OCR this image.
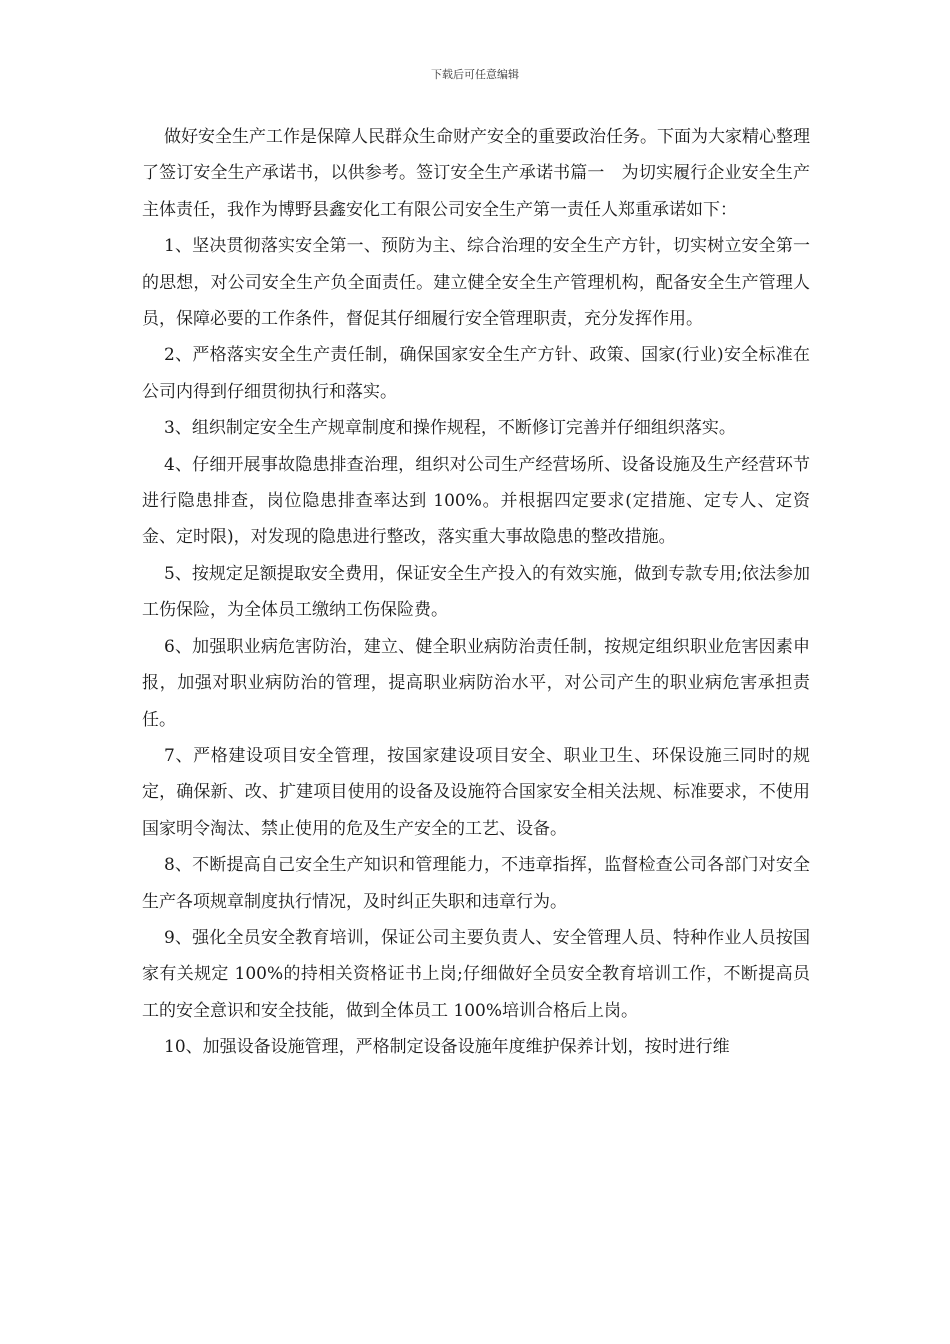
下载后可任意编辑

做好安全生产工作是保障人民群众生命财产安全的重要政治任务。下面为大家精心整理了签订安全生产承诺书，以供参考。签订安全生产承诺书篇一　为切实履行企业安全生产主体责任，我作为博野县鑫安化工有限公司安全生产第一责任人郑重承诺如下：

1、坚决贯彻落实安全第一、预防为主、综合治理的安全生产方针，切实树立安全第一的思想，对公司安全生产负全面责任。建立健全安全生产管理机构，配备安全生产管理人员，保障必要的工作条件，督促其仔细履行安全管理职责，充分发挥作用。

2、严格落实安全生产责任制，确保国家安全生产方针、政策、国家(行业)安全标准在公司内得到仔细贯彻执行和落实。

3、组织制定安全生产规章制度和操作规程，不断修订完善并仔细组织落实。

4、仔细开展事故隐患排查治理，组织对公司生产经营场所、设备设施及生产经营环节进行隐患排查，岗位隐患排查率达到 100%。并根据四定要求(定措施、定专人、定资金、定时限)，对发现的隐患进行整改，落实重大事故隐患的整改措施。

5、按规定足额提取安全费用，保证安全生产投入的有效实施，做到专款专用;依法参加工伤保险，为全体员工缴纳工伤保险费。

6、加强职业病危害防治，建立、健全职业病防治责任制，按规定组织职业危害因素申报，加强对职业病防治的管理，提高职业病防治水平，对公司产生的职业病危害承担责任。

7、严格建设项目安全管理，按国家建设项目安全、职业卫生、环保设施三同时的规定，确保新、改、扩建项目使用的设备及设施符合国家安全相关法规、标准要求，不使用国家明令淘汰、禁止使用的危及生产安全的工艺、设备。

8、不断提高自己安全生产知识和管理能力，不违章指挥，监督检查公司各部门对安全生产各项规章制度执行情况，及时纠正失职和违章行为。

9、强化全员安全教育培训，保证公司主要负责人、安全管理人员、特种作业人员按国家有关规定 100%的持相关资格证书上岗;仔细做好全员安全教育培训工作，不断提高员工的安全意识和安全技能，做到全体员工 100%培训合格后上岗。

10、加强设备设施管理，严格制定设备设施年度维护保养计划，按时进行维
